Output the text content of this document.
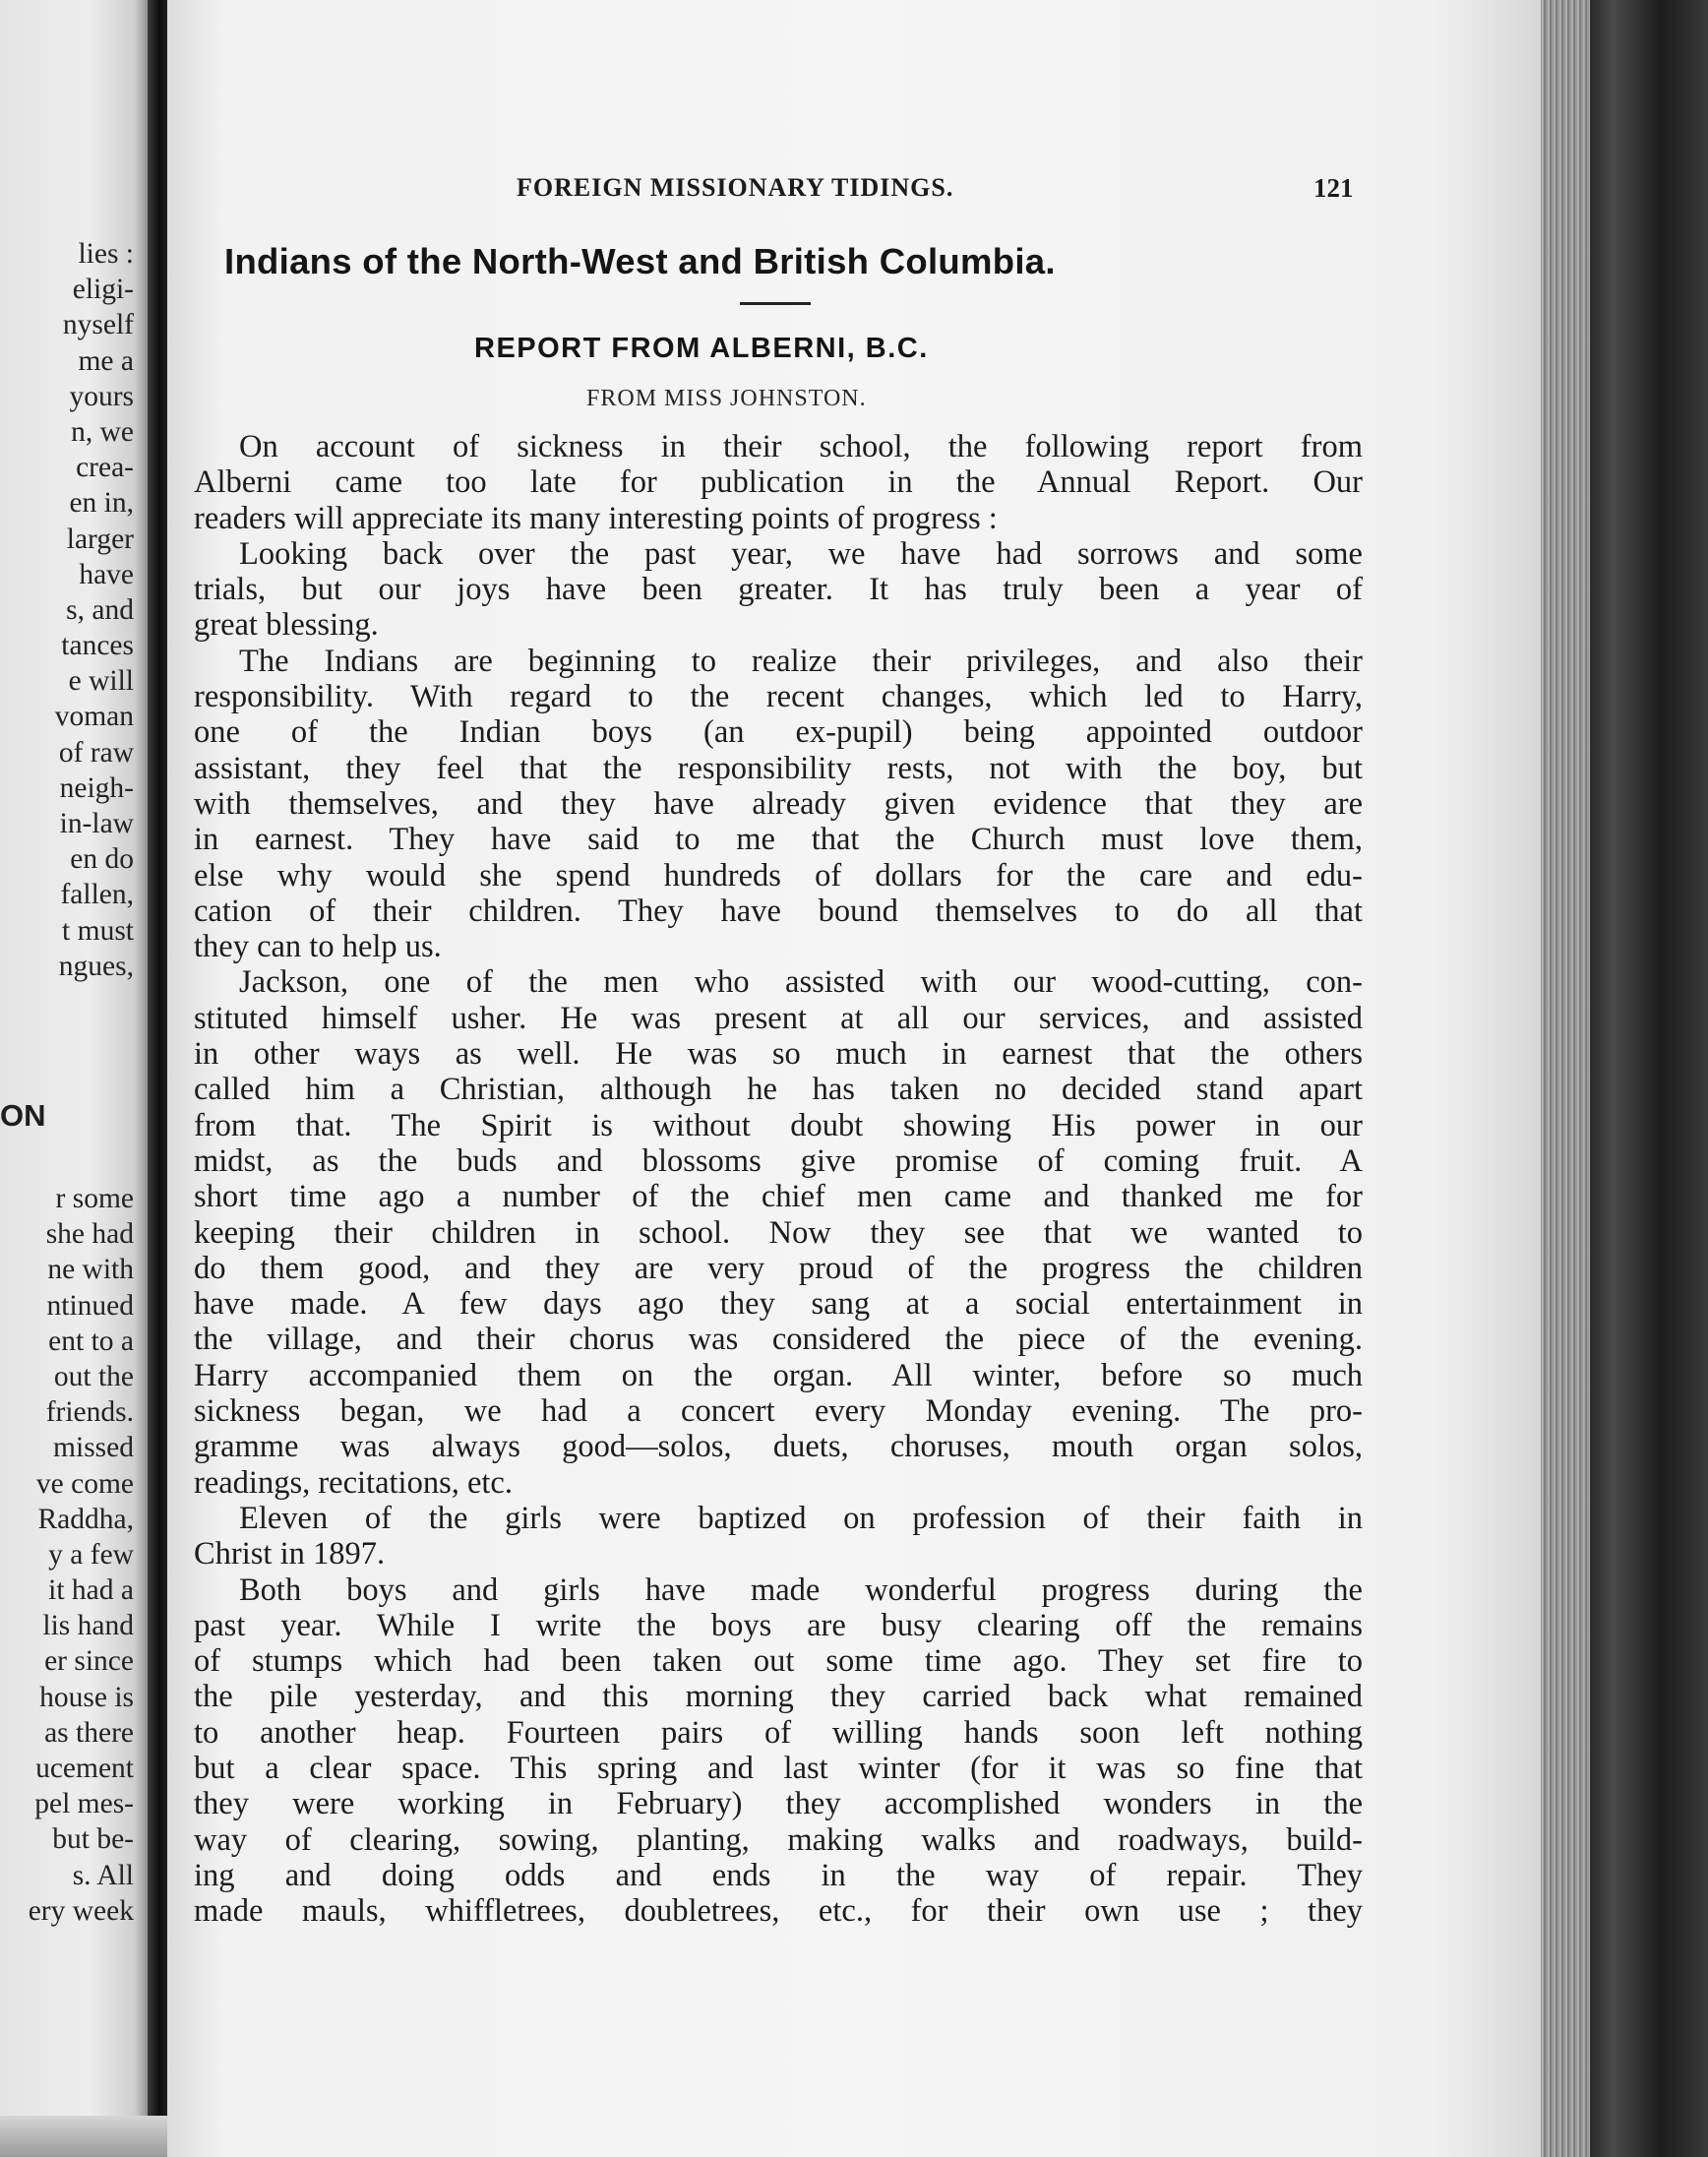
lies :
eligi-
nyself
me a
yours
n, we
crea-
en in,
larger
have
s, and
tances
e will
voman
of raw
neigh-
in-law
en do
fallen,
t must
ngues,
ON
r some
she had
ne with
ntinued
ent to a
out the
friends.
missed
ve come
Raddha,
y a few
it had a
lis hand
er since
house is
as there
ucement
pel mes-
but be-
s. All
ery week
FOREIGN MISSIONARY TIDINGS.	121
Indians of the North-West and British Columbia.
REPORT FROM ALBERNI, B.C.
FROM MISS JOHNSTON.
On account of sickness in their school, the following report from
Alberni came too late for publication in the Annual Report. Our
readers will appreciate its many interesting points of progress :
Looking back over the past year, we have had sorrows and some
trials, but our joys have been greater. It has truly been a year of
great blessing.
The Indians are beginning to realize their privileges, and also their
responsibility. With regard to the recent changes, which led to Harry,
one of the Indian boys (an ex-pupil) being appointed outdoor
assistant, they feel that the responsibility rests, not with the boy, but
with themselves, and they have already given evidence that they are
in earnest. They have said to me that the Church must love them,
else why would she spend hundreds of dollars for the care and edu-
cation of their children. They have bound themselves to do all that
they can to help us.
Jackson, one of the men who assisted with our wood-cutting, con-
stituted himself usher. He was present at all our services, and assisted
in other ways as well. He was so much in earnest that the others
called him a Christian, although he has taken no decided stand apart
from that. The Spirit is without doubt showing His power in our
midst, as the buds and blossoms give promise of coming fruit. A
short time ago a number of the chief men came and thanked me for
keeping their children in school. Now they see that we wanted to
do them good, and they are very proud of the progress the children
have made. A few days ago they sang at a social entertainment in
the village, and their chorus was considered the piece of the evening.
Harry accompanied them on the organ. All winter, before so much
sickness began, we had a concert every Monday evening. The pro-
gramme was always good—solos, duets, choruses, mouth organ solos,
readings, recitations, etc.
Eleven of the girls were baptized on profession of their faith in
Christ in 1897.
Both boys and girls have made wonderful progress during the
past year. While I write the boys are busy clearing off the remains
of stumps which had been taken out some time ago. They set fire to
the pile yesterday, and this morning they carried back what remained
to another heap. Fourteen pairs of willing hands soon left nothing
but a clear space. This spring and last winter (for it was so fine that
they were working in February) they accomplished wonders in the
way of clearing, sowing, planting, making walks and roadways, build-
ing and doing odds and ends in the way of repair. They
made mauls, whiffletrees, doubletrees, etc., for their own use ; they
